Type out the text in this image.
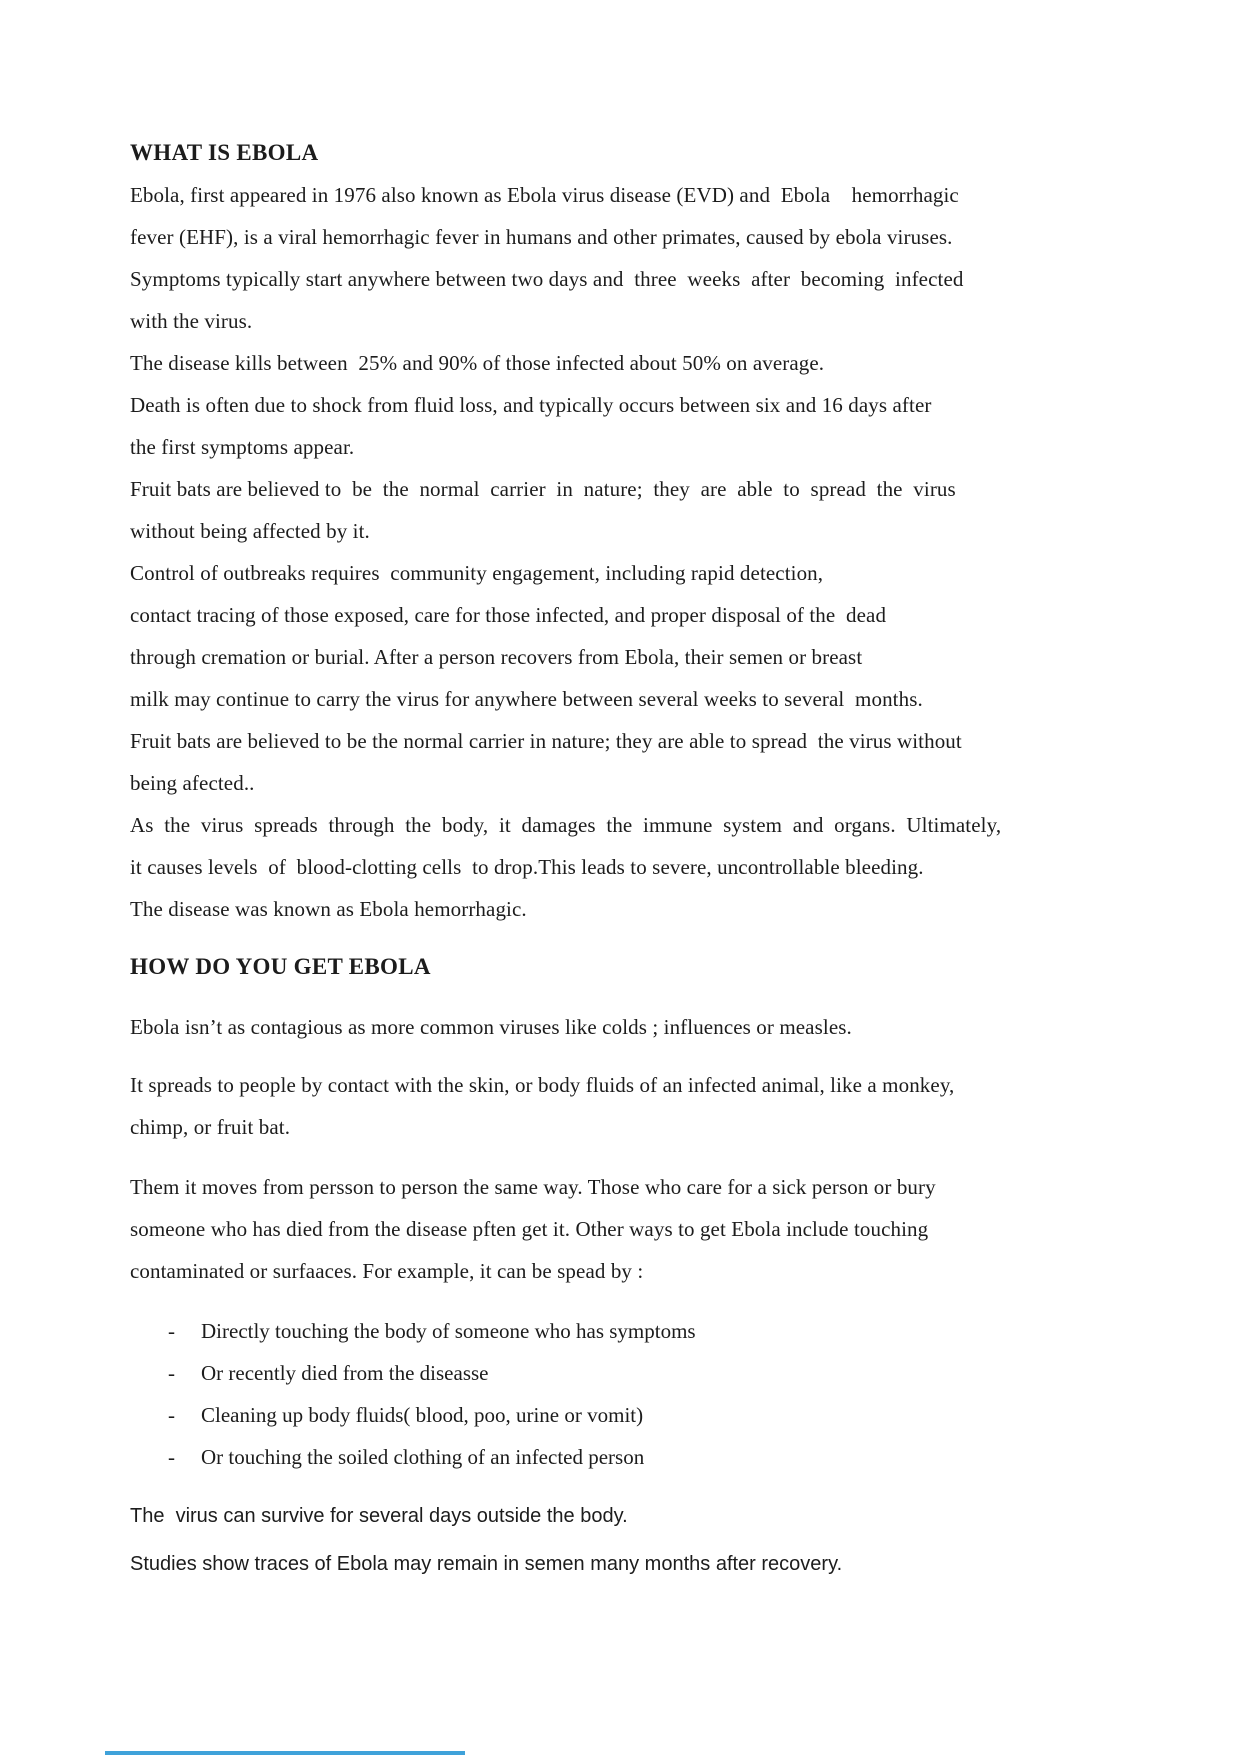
WHAT IS EBOLA
Ebola, first appeared in 1976 also known as Ebola virus disease (EVD) and  Ebola    hemorrhagic
fever (EHF), is a viral hemorrhagic fever in humans and other primates, caused by ebola viruses.
Symptoms typically start anywhere between two days and  three  weeks  after  becoming  infected
with the virus.
The disease kills between  25% and 90% of those infected about 50% on average.
Death is often due to shock from fluid loss, and typically occurs between six and 16 days after
the first symptoms appear.
Fruit bats are believed to  be  the  normal  carrier  in  nature;  they  are  able  to  spread  the  virus
without being affected by it.
Control of outbreaks requires  community engagement, including rapid detection,
contact tracing of those exposed, care for those infected, and proper disposal of the  dead
through cremation or burial. After a person recovers from Ebola, their semen or breast
milk may continue to carry the virus for anywhere between several weeks to several  months.
Fruit bats are believed to be the normal carrier in nature; they are able to spread  the virus without
being afected..
As  the  virus  spreads  through  the  body,  it  damages  the  immune  system  and  organs.  Ultimately,
it causes levels  of  blood-clotting cells  to drop.This leads to severe, uncontrollable bleeding.
The disease was known as Ebola hemorrhagic.
HOW DO YOU GET EBOLA
Ebola isn’t as contagious as more common viruses like colds ; influences or measles.
It spreads to people by contact with the skin, or body fluids of an infected animal, like a monkey,
chimp, or fruit bat.
Them it moves from persson to person the same way. Those who care for a sick person or bury
someone who has died from the disease pften get it. Other ways to get Ebola include touching
contaminated or surfaaces. For example, it can be spead by :
-	Directly touching the body of someone who has symptoms
-	Or recently died from the diseasse
-	Cleaning up body fluids( blood, poo, urine or vomit)
-	Or touching the soiled clothing of an infected person
The  virus can survive for several days outside the body.
Studies show traces of Ebola may remain in semen many months after recovery.
